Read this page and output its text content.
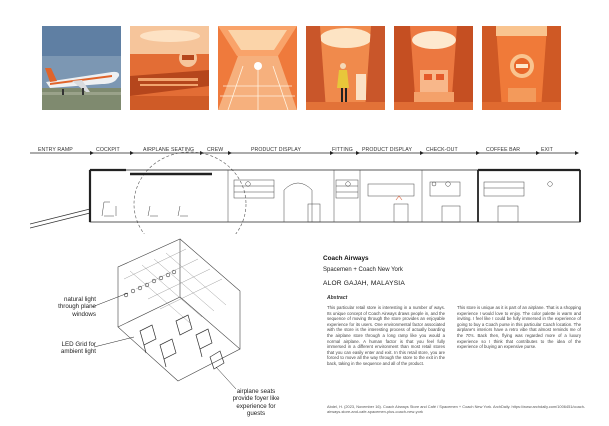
ENTRY RAMP	COCKPIT	AIRPLANE SEATING CREW	PRODUCT DISPLAY	FITTING PRODUCT DISPLAY	CHECK-OUT	COFFEE BAR	EXIT
natural light
through plane
windows
LED Grid for
ambient light
airplane seats
provide foyer like
experience for
guests
Coach Airways
Spacemen + Coach New York
ALOR GAJAH, MALAYSIA
Abstract
This particular retail store is interesting in a number of ways. Its unique concept of Coach Airways draws people in, and the sequence of moving through the store provides an enjoyable experience for its users. One environmental factor associated with the store is the interesting process of actually boarding the airplane store through a long ramp like you would a normal airplane. A human factor is that you feel fully immersed in a different environment than most retail stores that you can easily enter and exit. In this retail store, you are forced to move all the way through the store to the exit in the back, taking in the sequence and all of the product.
This store is unique as it is part of an airplane. That is a shopping experience I would love to enjoy. The color palette is warm and inviting. I feel like I could be fully immersed in the experience of going to buy a Coach purse in this particular Coach location. The airplane's interiors have a retro vibe that almost reminds me of the 70's. Back then, flying was regarded more of a luxury experience so I think that contributes to the idea of the experience of buying an expensive purse.
Abdel, H. (2023, November 16). Coach Airways Store and Café / Spacemen + Coach New York. ArchDaily. https://www.archdaily.com/1006451/coach-airways-store-and-cafe-spacemen-plus-coach-new-york
